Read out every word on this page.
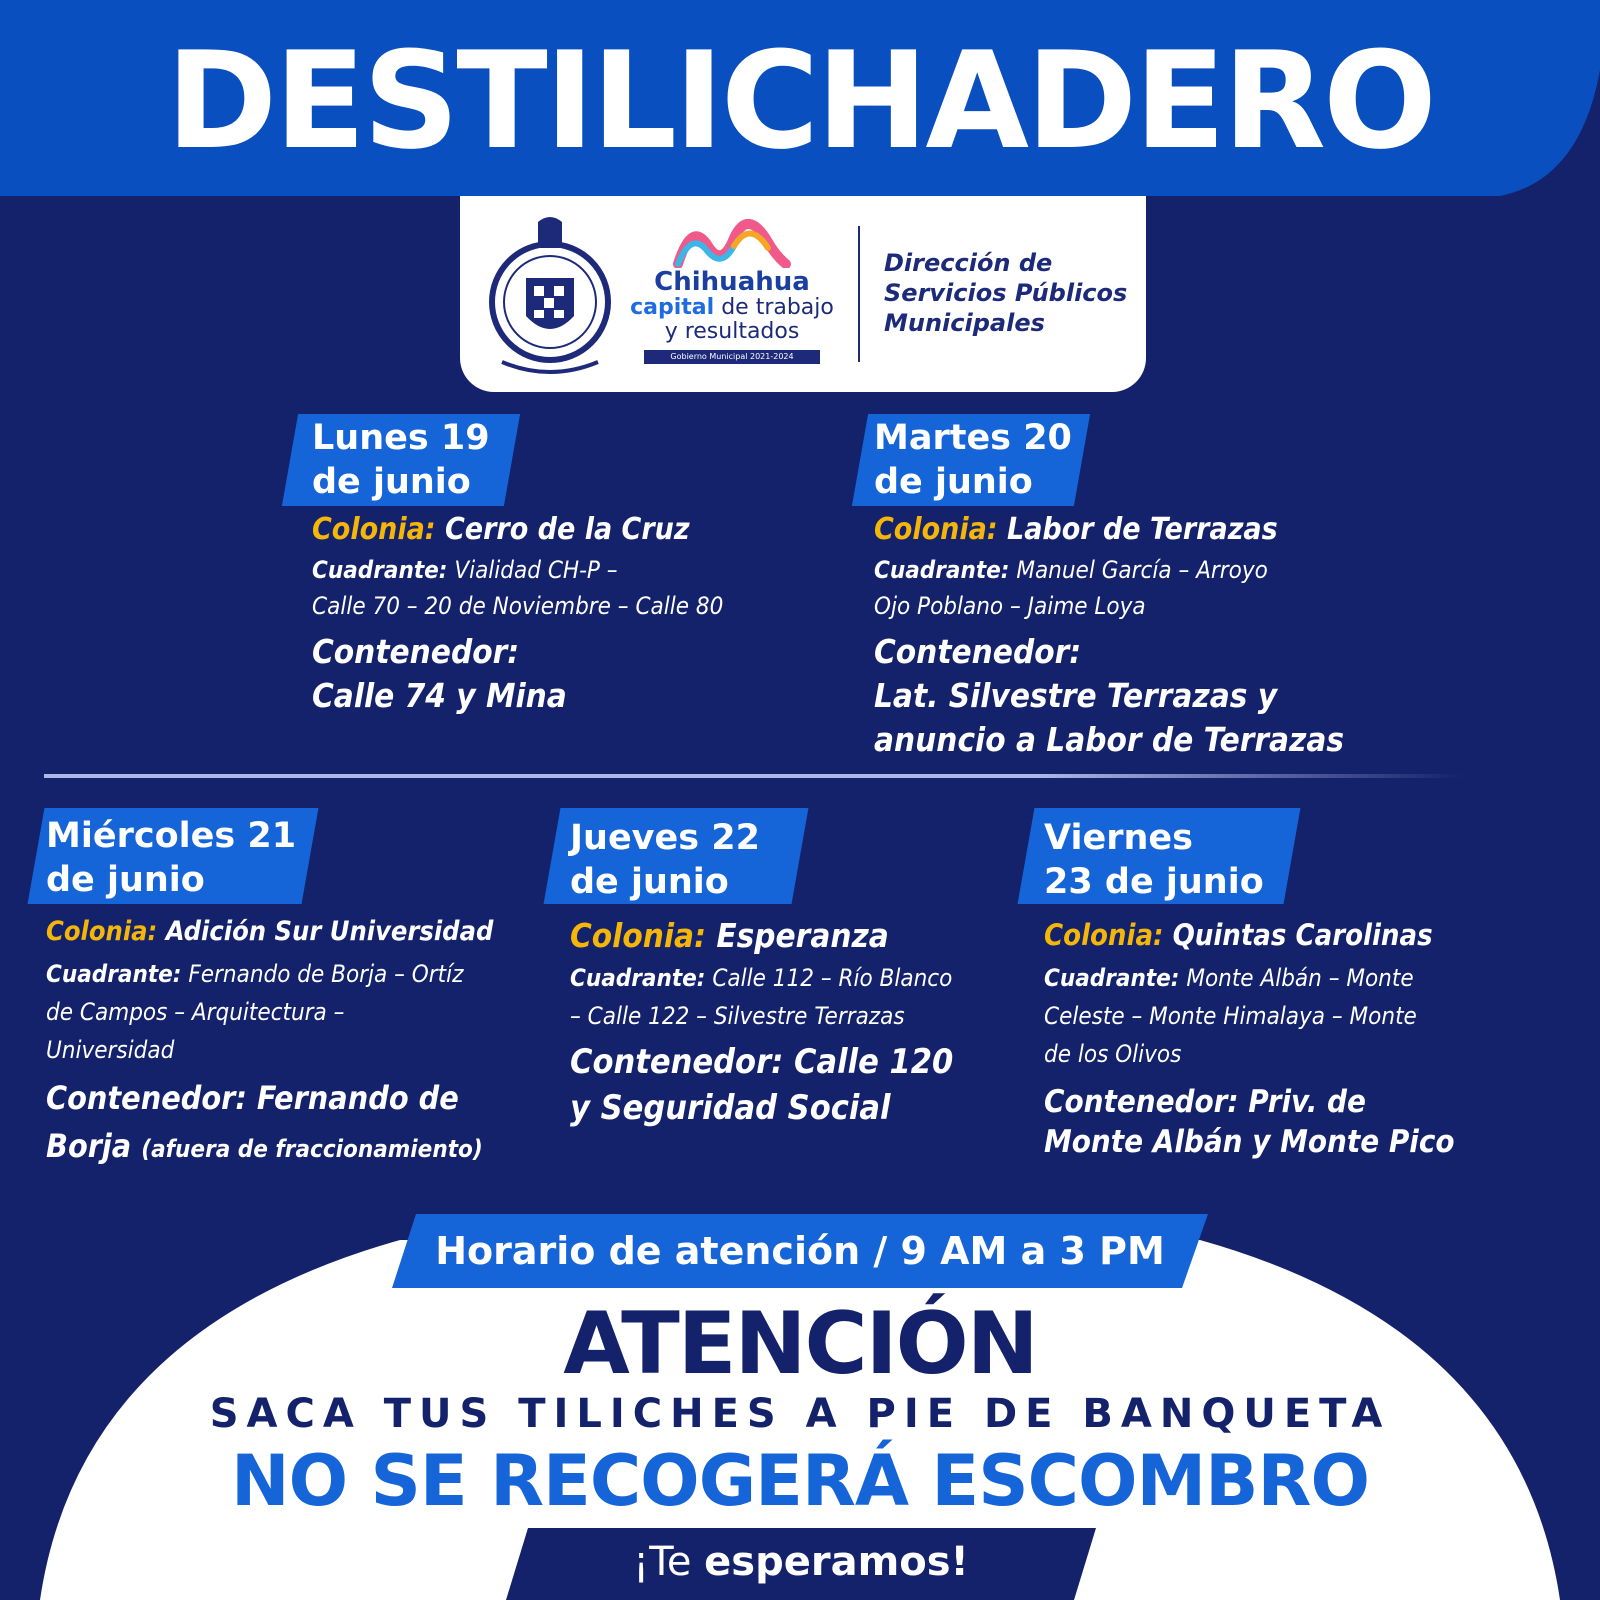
DESTILICHADERO
Chihuahua
capital de trabajo
y resultados
Gobierno Municipal 2021-2024
Dirección de
Servicios Públicos
Municipales
Lunes 19
de junio
Colonia: Cerro de la Cruz
Cuadrante: Vialidad CH-P –
Calle 70 – 20 de Noviembre – Calle 80
Contenedor:
Calle 74 y Mina
Martes 20
de junio
Colonia: Labor de Terrazas
Cuadrante: Manuel García – Arroyo
Ojo Poblano – Jaime Loya
Contenedor:
Lat. Silvestre Terrazas y
anuncio a Labor de Terrazas
Miércoles 21
de junio
Colonia: Adición Sur Universidad
Cuadrante: Fernando de Borja – Ortíz
de Campos – Arquitectura –
Universidad
Contenedor: Fernando de
Borja (afuera de fraccionamiento)
Jueves 22
de junio
Colonia: Esperanza
Cuadrante: Calle 112 – Río Blanco
– Calle 122 – Silvestre Terrazas
Contenedor: Calle 120
y Seguridad Social
Viernes
23 de junio
Colonia: Quintas Carolinas
Cuadrante: Monte Albán – Monte
Celeste – Monte Himalaya – Monte
de los Olivos
Contenedor: Priv. de
Monte Albán y Monte Pico
Horario de atención / 9 AM a 3 PM
ATENCIÓN
SACA TUS TILICHES A PIE DE BANQUETA
NO SE RECOGERÁ ESCOMBRO
¡Te esperamos!
